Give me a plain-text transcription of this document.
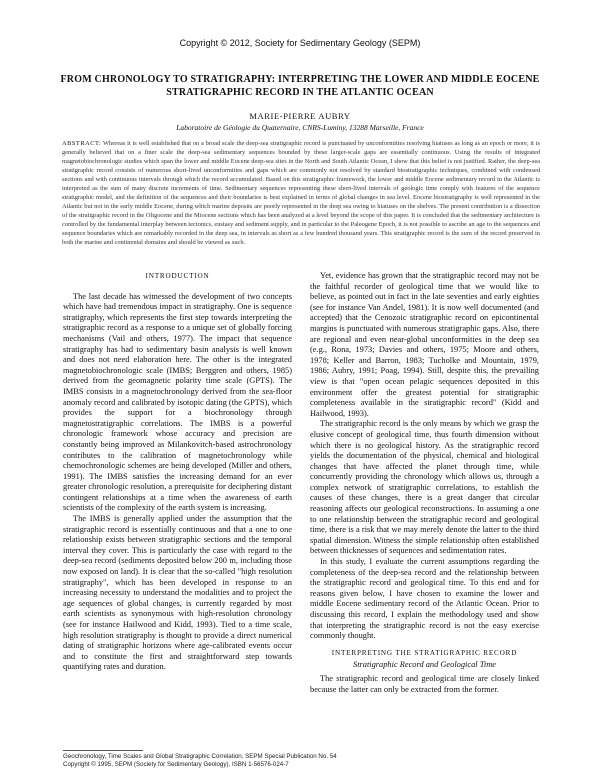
Copyright © 2012, Society for Sedimentary Geology (SEPM)
FROM CHRONOLOGY TO STRATIGRAPHY: INTERPRETING THE LOWER AND MIDDLE EOCENE STRATIGRAPHIC RECORD IN THE ATLANTIC OCEAN
MARIE-PIERRE AUBRY
Laboratoire de Géologie du Quaternaire, CNRS-Luminy, 13288 Marseille, France
ABSTRACT: Whereas it is well established that on a broad scale the deep-sea stratigraphic record is punctuated by unconformities resolving hiatuses as long as an epoch or more, it is generally believed that on a finer scale the deep-sea sedimentary sequences bounded by these larger-scale gaps are essentially continuous. Using the results of integrated magnetobiochronologic studies which span the lower and middle Eocene deep-sea sites in the North and South Atlantic Ocean, I show that this belief is not justified. Rather, the deep-sea stratigraphic record consists of numerous short-lived unconformities and gaps which are commonly not resolved by standard biostratigraphic techniques, combined with condensed sections and with continuous intervals through which the record accumulated. Based on this stratigraphic framework, the lower and middle Eocene sedimentary record in the Atlantic is interpreted as the sum of many discrete increments of time. Sedimentary sequences representing these short-lived intervals of geologic time comply with features of the sequence stratigraphic model, and the definition of the sequences and their boundaries is best explained in terms of global changes in sea level. Eocene biostratigraphy is well represented in the Atlantic but not in the early middle Eocene, during which marine deposits are poorly represented in the deep sea owing to hiatuses on the shelves. The present contribution is a dissection of the stratigraphic record in the Oligocene and the Miocene sections which has been analyzed at a level beyond the scope of this paper. It is concluded that the sedimentary architecture is controlled by the fundamental interplay between tectonics, eustasy and sediment supply, and in particular to the Paleogene Epoch, it is not possible to ascribe an age to the sequences and sequence boundaries which are remarkably recorded in the deep sea, in intervals as short as a few hundred thousand years. This stratigraphic record is the sum of the record preserved in both the marine and continental domains and should be viewed as such.
INTRODUCTION

The last decade has witnessed the development of two concepts which have had tremendous impact in stratigraphy. One is sequence stratigraphy, which represents the first step towards interpreting the stratigraphic record as a response to a unique set of globally forcing mechanisms (Vail and others, 1977). The impact that sequence stratigraphy has had to sedimentary basin analysis is well known and does not need elaboration here. The other is the integrated magnetobiochronologic scale (IMBS; Berggren and others, 1985) derived from the geomagnetic polarity time scale (GPTS). The IMBS consists in a magnetochronology derived from the sea-floor anomaly record and calibrated by isotopic dating (the GPTS), which provides the support for a biochronology through magnetostratigraphic correlations. The IMBS is a powerful chronologic framework whose accuracy and precision are constantly being improved as Milankovitch-based astrochronology contributes to the calibration of magnetochronology while chemochronologic schemes are being developed (Miller and others, 1991). The IMBS satisfies the increasing demand for an ever greater chronologic resolution, a prerequisite for deciphering distant contingent relationships at a time when the awareness of earth scientists of the complexity of the earth system is increasing.

The IMBS is generally applied under the assumption that the stratigraphic record is essentially continuous and that a one to one relationship exists between stratigraphic sections and the temporal interval they cover. This is particularly the case with regard to the deep-sea record (sediments deposited below 200 m, including those now exposed on land). It is clear that the so-called "high resolution stratigraphy", which has been developed in response to an increasing necessity to understand the modalities and to project the age sequences of global changes, is currently regarded by most earth scientists as synonymous with high-resolution chronology (see for instance Hailwood and Kidd, 1993). Tied to a time scale, high resolution stratigraphy is thought to provide a direct numerical dating of stratigraphic horizons where age-calibrated events occur and to constitute the first and straightforward step towards quantifying rates and duration.

Yet, evidence has grown that the stratigraphic record may not be the faithful recorder of geological time that we would like to believe, as pointed out in fact in the late seventies and early eighties (see for instance Van Andel, 1981). It is now well documented (and accepted) that the Cenozoic stratigraphic record on epicontinental margins is punctuated with numerous stratigraphic gaps. Also, there are regional and even near-global unconformities in the deep sea (e.g., Rona, 1973; Davies and others, 1975; Moore and others, 1978; Keller and Barron, 1983; Tucholke and Mountain, 1979, 1986; Aubry, 1991; Poag, 1994). Still, despite this, the prevailing view is that "open ocean pelagic sequences deposited in this environment offer the greatest potential for stratigraphic completeness available in the stratigraphic record" (Kidd and Hailwood, 1993).

The stratigraphic record is the only means by which we grasp the elusive concept of geological time, thus fourth dimension without which there is no geological history. As the stratigraphic record yields the documentation of the physical, chemical and biological changes that have affected the planet through time, while concurrently providing the chronology which allows us, through a complex network of stratigraphic correlations, to establish the causes of these changes, there is a great danger that circular reasoning affects our geological reconstructions. In assuming a one to one relationship between the stratigraphic record and geological time, there is a risk that we may merely denote the latter to the third spatial dimension. Witness the simple relationship often established between thicknesses of sequences and sedimentation rates.

In this study, I evaluate the current assumptions regarding the completeness of the deep-sea record and the relationship between the stratigraphic record and geological time. To this end and for reasons given below, I have chosen to examine the lower and middle Eocene sedimentary record of the Atlantic Ocean. Prior to discussing this record, I explain the methodology used and show that interpreting the stratigraphic record is not the easy exercise commonly thought.

INTERPRETING THE STRATIGRAPHIC RECORD
Stratigraphic Record and Geological Time

The stratigraphic record and geological time are closely linked because the latter can only be extracted from the former.

Geochronology, Time Scales and Global Stratigraphic Correlation, SEPM Special Publication No. 54
Copyright © 1995, SEPM (Society for Sedimentary Geology), ISBN 1-56576-024-7
